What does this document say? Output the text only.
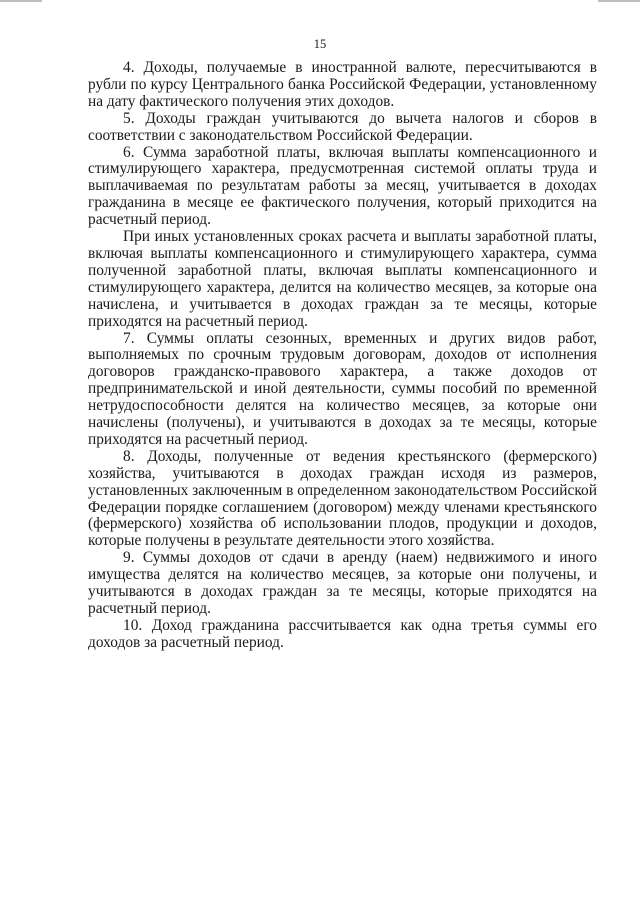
15

4. Доходы, получаемые в иностранной валюте, пересчитываются в рубли по курсу Центрального банка Российской Федерации, установленному на дату фактического получения этих доходов.

5. Доходы граждан учитываются до вычета налогов и сборов в соответствии с законодательством Российской Федерации.

6. Сумма заработной платы, включая выплаты компенсационного и стимулирующего характера, предусмотренная системой оплаты труда и выплачиваемая по результатам работы за месяц, учитывается в доходах гражданина в месяце ее фактического получения, который приходится на расчетный период.

При иных установленных сроках расчета и выплаты заработной платы, включая выплаты компенсационного и стимулирующего характера, сумма полученной заработной платы, включая выплаты компенсационного и стимулирующего характера, делится на количество месяцев, за которые она начислена, и учитывается в доходах граждан за те месяцы, которые приходятся на расчетный период.

7. Суммы оплаты сезонных, временных и других видов работ, выполняемых по срочным трудовым договорам, доходов от исполнения договоров гражданско-правового характера, а также доходов от предпринимательской и иной деятельности, суммы пособий по временной нетрудоспособности делятся на количество месяцев, за которые они начислены (получены), и учитываются в доходах за те месяцы, которые приходятся на расчетный период.

8. Доходы, полученные от ведения крестьянского (фермерского) хозяйства, учитываются в доходах граждан исходя из размеров, установленных заключенным в определенном законодательством Российской Федерации порядке соглашением (договором) между членами крестьянского (фермерского) хозяйства об использовании плодов, продукции и доходов, которые получены в результате деятельности этого хозяйства.

9. Суммы доходов от сдачи в аренду (наем) недвижимого и иного имущества делятся на количество месяцев, за которые они получены, и учитываются в доходах граждан за те месяцы, которые приходятся на расчетный период.

10. Доход гражданина рассчитывается как одна третья суммы его доходов за расчетный период.
